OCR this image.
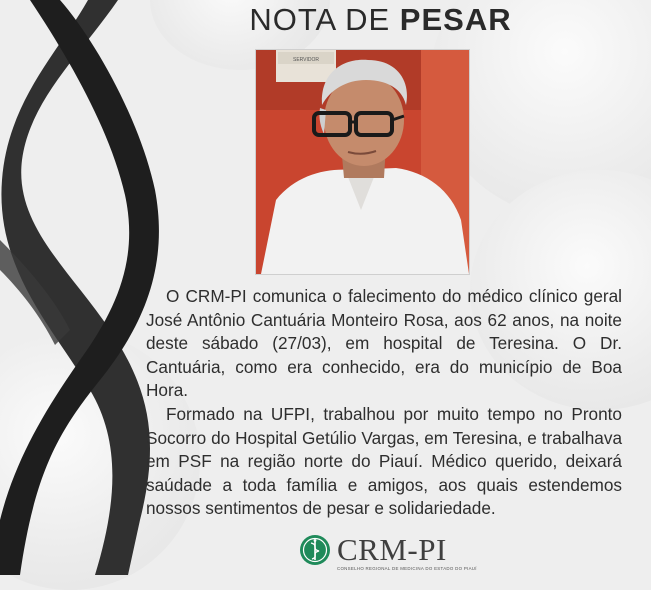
NOTA DE PESAR
SERVIDOR

O CRM-PI comunica o falecimento do médico clínico geral José Antônio Cantuária Monteiro Rosa, aos 62 anos, na noite deste sábado (27/03), em hospital de Teresina. O Dr. Cantuária, como era conhecido, era do município de Boa Hora.

Formado na UFPI, trabalhou por muito tempo no Pronto Socorro do Hospital Getúlio Vargas, em Teresina, e trabalhava em PSF na região norte do Piauí. Médico querido, deixará saúdade a toda família e amigos, aos quais estendemos nossos sentimentos de pesar e solidariedade.

CRM-PI
CONSELHO REGIONAL DE MEDICINA DO ESTADO DO PIAUÍ
